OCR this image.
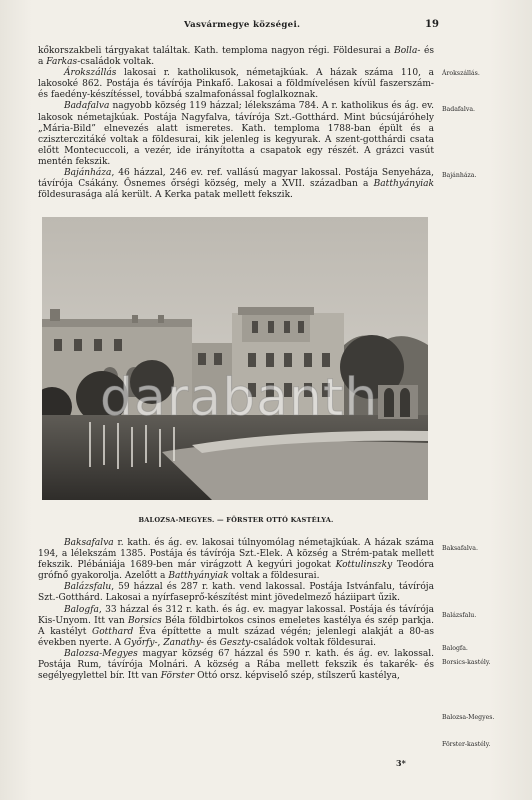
Vasvármegye községei.	19

kőkorszakbeli tárgyakat találtak. Kath. temploma nagyon régi. Földesurai a Bolla- és a Farkas-családok voltak.

Árokszállás lakosai r. katholikusok, németajkúak. A házak száma 110, a lakosoké 862. Postája és távírója Pinkafő. Lakosai a földmívelésen kívül faszerszám- és faedény-készítéssel, továbbá szalmafonással foglalkoznak.

Badafalva nagyobb község 119 házzal; lélekszáma 784. A r. katholikus és ág. ev. lakosok németajkúak. Postája Nagyfalva, távírója Szt.-Gotthárd. Mint búcsújáróhely „Mária-Bild” elnevezés alatt ismeretes. Kath. temploma 1788-ban épült és a cziszterczitáké voltak a földesurai, kik jelenleg is kegyurak. A szent-gotthárdi csata előtt Montecuccoli, a vezér, ide irányította a csapatok egy részét. A grázci vasút mentén fekszik.

Bajánháza, 46 házzal, 246 ev. ref. vallású magyar lakossal. Postája Senyeháza, távírója Csákány. Ősnemes őrségi község, mely a XVII. században a Batthyányiak földesurasága alá került. A Kerka patak mellett fekszik.

Árokszállás.
Badafalva.
Bajánháza.
BALOZSA-MEGYES. — FÖRSTER OTTÓ KASTÉLYA.

Baksafalva r. kath. és ág. ev. lakosai túlnyomólag németajkúak. A házak száma 194, a lélekszám 1385. Postája és távírója Szt.-Elek. A község a Strém-patak mellett fekszik. Plébániája 1689-ben már virágzott A kegyúri jogokat Kottulinszky Teodóra grófnő gyakorolja. Azelőtt a Batthyányiak voltak a földesurai.

Balázsfalu, 59 házzal és 287 r. kath. vend lakossal. Postája Istvánfalu, távírója Szt.-Gotthárd. Lakosai a nyírfaseprő-készítést mint jövedelmező háziipart űzik.

Balogfa, 33 házzal és 312 r. kath. és ág. ev. magyar lakossal. Postája és távírója Kis-Unyom. Itt van Borsics Béla földbirtokos csinos emeletes kastélya és szép parkja. A kastélyt Gotthard Éva építtette a mult század végén; jelenlegi alakját a 80-as években nyerte. A Győrfy-, Zanathy- és Geszty-családok voltak földesurai.

Balozsa-Megyes magyar község 67 házzal és 590 r. kath. és ág. ev. lakossal. Postája Rum, távírója Molnári. A község a Rába mellett fekszik és takarék- és segélyegylettel bír. Itt van Förster Ottó orsz. képviselő szép, stílszerű kastélya,

Baksafalva.
Balázsfalu.
Balogfa.
Borsics-kastély.
Balozsa-Megyes.
Förster-kastély.
3*
darabanth
